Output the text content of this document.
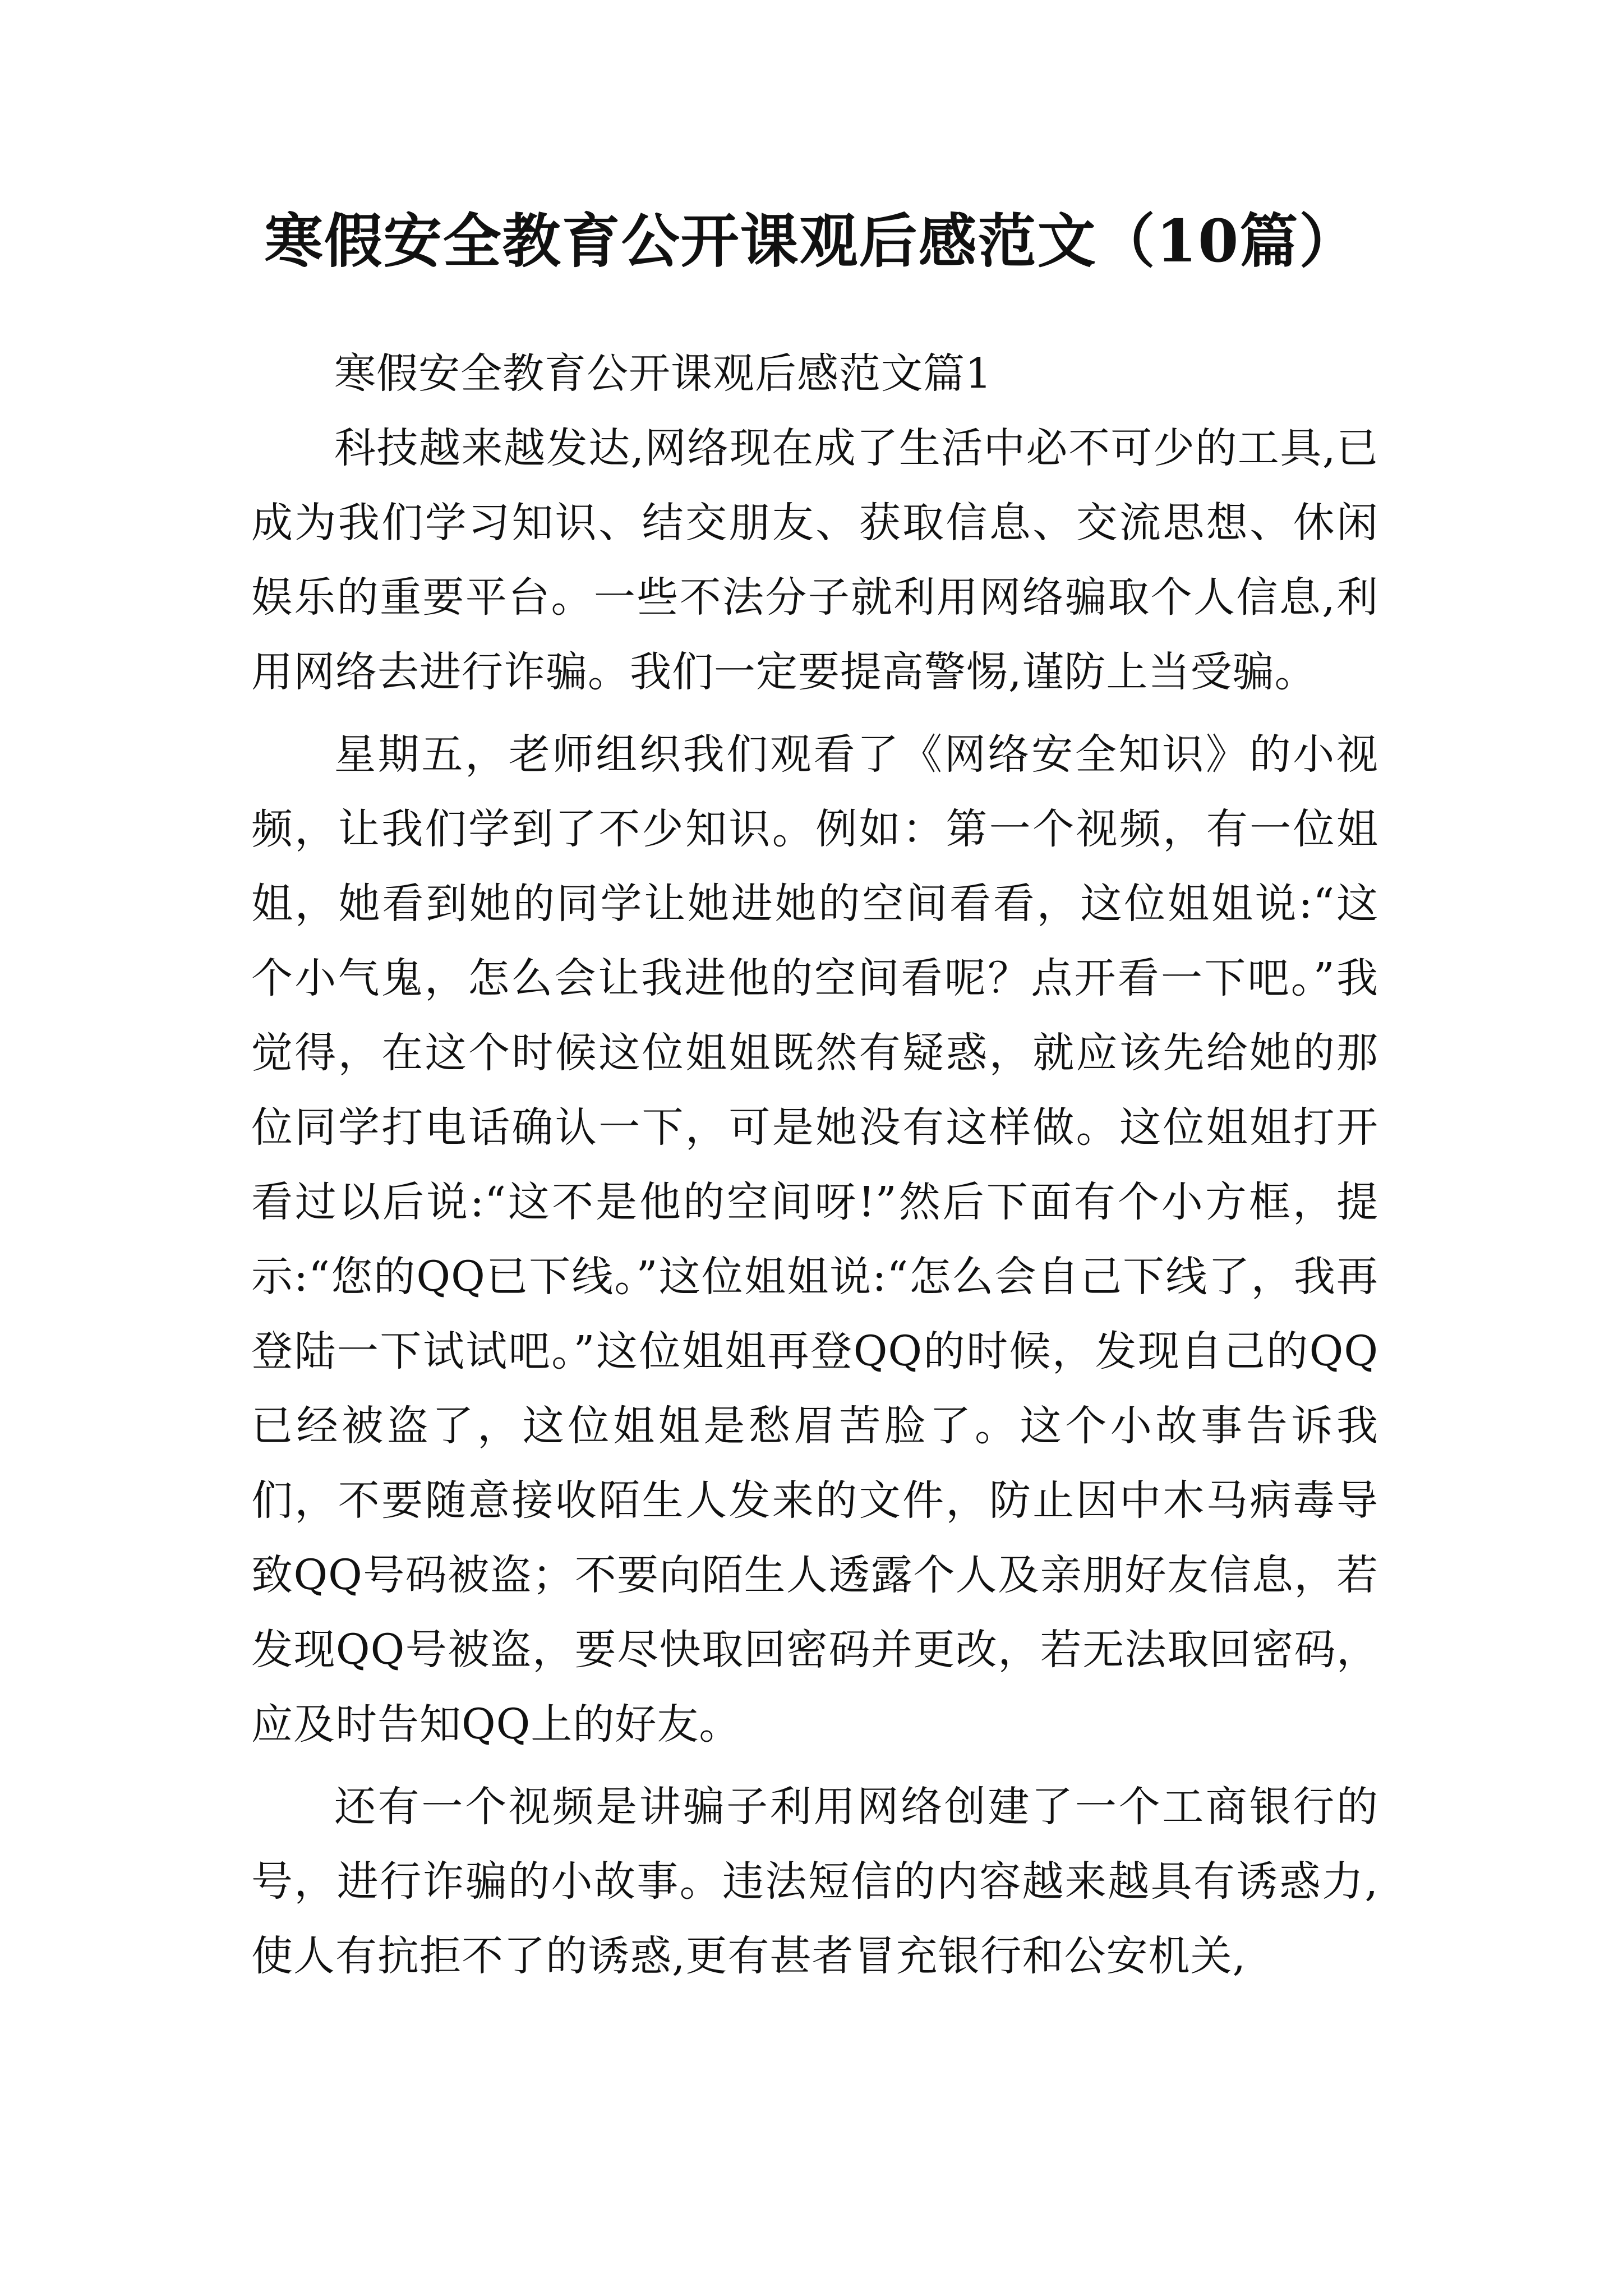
寒假安全教育公开课观后感范文（10篇）

寒假安全教育公开课观后感范文篇1

科技越来越发达,网络现在成了生活中必不可少的工具,已成为我们学习知识、结交朋友、获取信息、交流思想、休闲娱乐的重要平台。一些不法分子就利用网络骗取个人信息,利用网络去进行诈骗。我们一定要提高警惕,谨防上当受骗。

星期五，老师组织我们观看了《网络安全知识》的小视频，让我们学到了不少知识。例如：第一个视频，有一位姐姐，她看到她的同学让她进她的空间看看，这位姐姐说:“这个小气鬼，怎么会让我进他的空间看呢？点开看一下吧。”我觉得，在这个时候这位姐姐既然有疑惑，就应该先给她的那位同学打电话确认一下，可是她没有这样做。这位姐姐打开看过以后说:“这不是他的空间呀!”然后下面有个小方框，提示:“您的QQ已下线。”这位姐姐说:“怎么会自己下线了，我再登陆一下试试吧。”这位姐姐再登QQ的时候，发现自己的QQ已经被盗了，这位姐姐是愁眉苦脸了。这个小故事告诉我们，不要随意接收陌生人发来的文件，防止因中木马病毒导致QQ号码被盗；不要向陌生人透露个人及亲朋好友信息，若发现QQ号被盗，要尽快取回密码并更改，若无法取回密码，应及时告知QQ上的好友。

还有一个视频是讲骗子利用网络创建了一个工商银行的号，进行诈骗的小故事。违法短信的内容越来越具有诱惑力,使人有抗拒不了的诱惑,更有甚者冒充银行和公安机关,
